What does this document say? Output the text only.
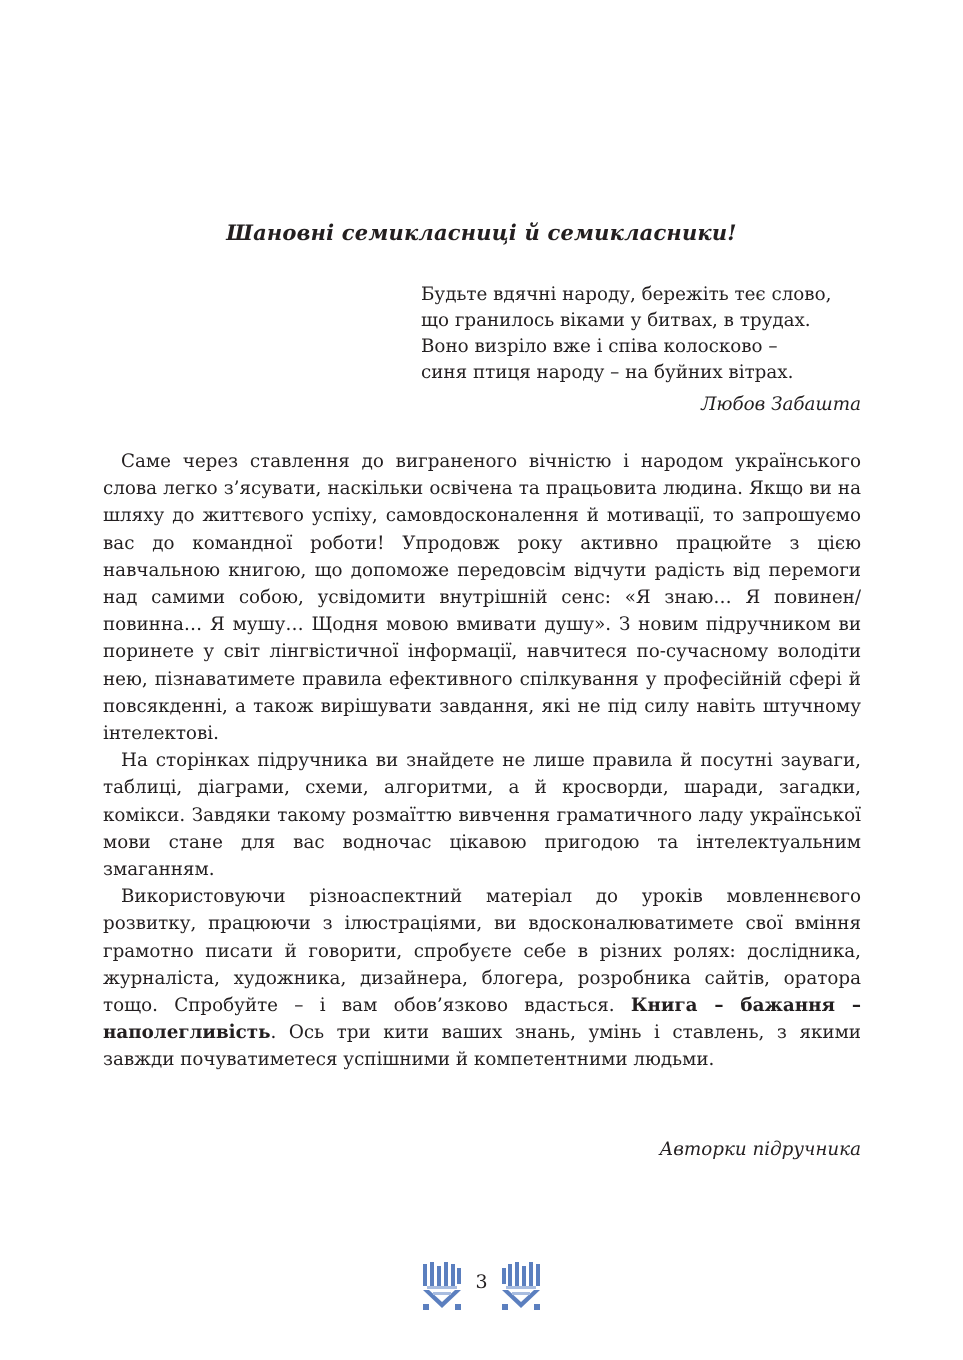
Шановні семикласниці й семикласники!
Будьте вдячні народу, бережіть теє слово,
що гранилось віками у битвах, в трудах.
Воно визріло вже і співа колосково –
синя птиця народу – на буйних вітрах.
Любов Забашта

Саме через ставлення до вигранeного вічністю і народом українського слова легко з’ясувати, наскільки освічена та працьовита людина. Якщо ви на шляху до життєвого успіху, самовдосконалення й мотивації, то запрошуємо вас до командної роботи! Упродовж року активно працюйте з цією навчальною книгою, що допоможе передовсім відчути радість від перемоги над самими собою, усвідомити внутрішній сенс: «Я знаю… Я повинен/повинна… Я мушу… Щодня мовою вмивати душу». З новим підручником ви поринете у світ лінгвістичної інформації, навчитеся по-сучасному володіти нею, пізнаватимете правила ефективного спілкування у професійній сфері й повсякденні, а також вирішувати завдання, які не під силу навіть штучному інтелектові.

На сторінках підручника ви знайдете не лише правила й посутні зауваги, таблиці, діаграми, схеми, алгоритми, а й кросворди, шаради, загадки, комікси. Завдяки такому розмаїттю вивчення граматичного ладу української мови стане для вас водночас цікавою пригодою та інтелектуальним змаганням.

Використовуючи різноаспектний матеріал до уроків мовленнєвого розвитку, працюючи з ілюстраціями, ви вдосконалюватимете свої вміння грамотно писати й говорити, спробуєте себе в різних ролях: дослідника, журналіста, художника, дизайнера, блогера, розробника сайтів, оратора тощо. Спробуйте – і вам обов’язково вдасться. Книга – бажання – наполегливість. Ось три кити ваших знань, умінь і ставлень, з якими завжди почуватиметеся успішними й компетентними людьми.

Авторки підручника
3
